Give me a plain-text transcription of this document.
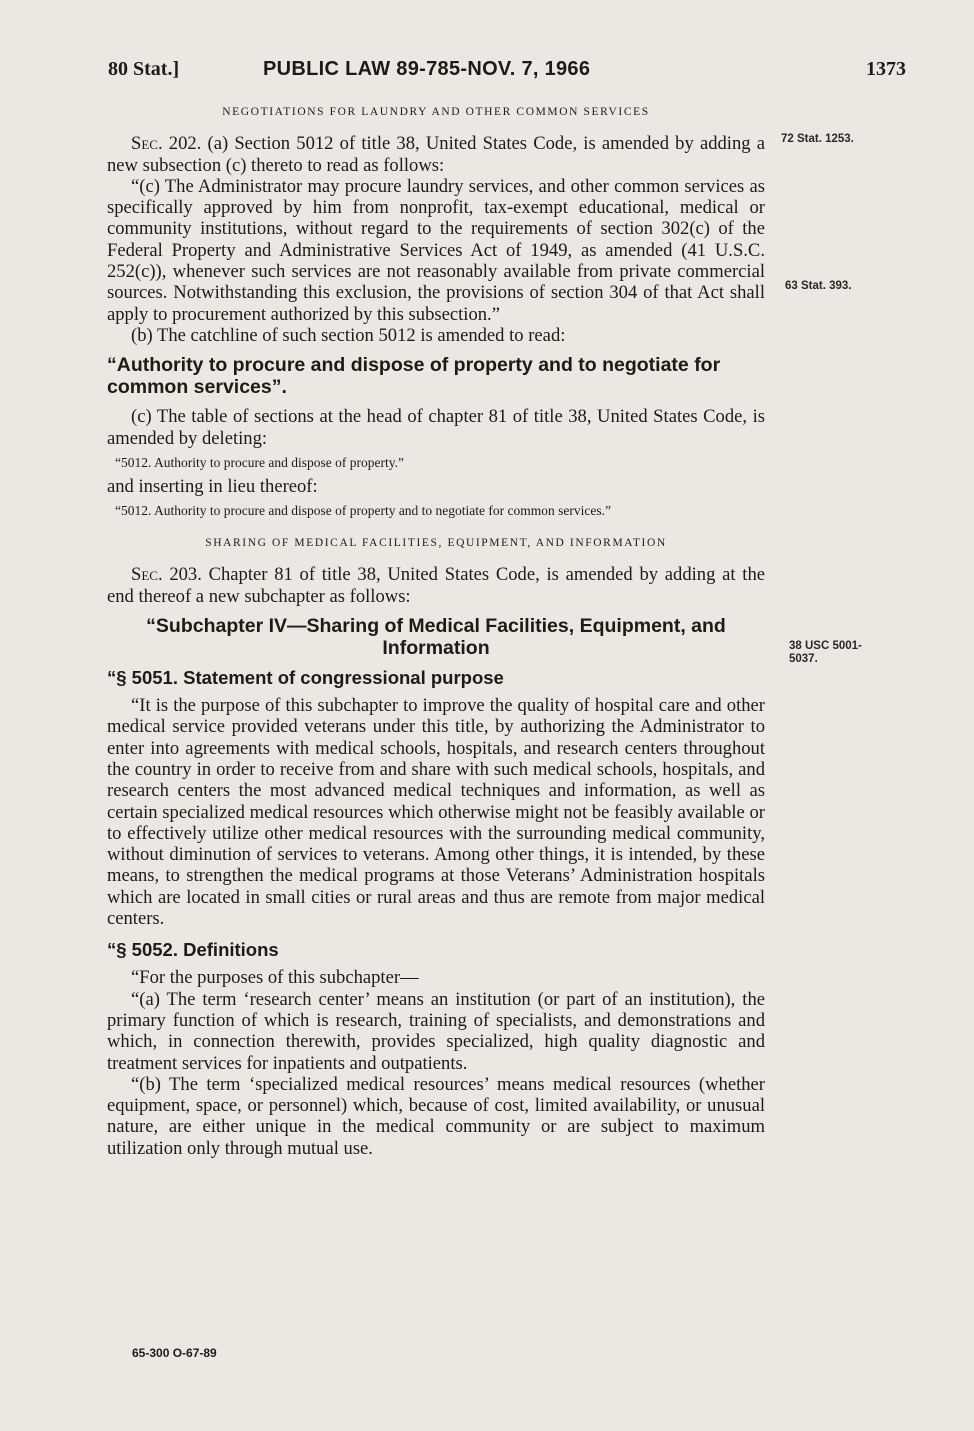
80 Stat.]	PUBLIC LAW 89-785-NOV. 7, 1966	1373
NEGOTIATIONS FOR LAUNDRY AND OTHER COMMON SERVICES

Sec. 202. (a) Section 5012 of title 38, United States Code, is amended by adding a new subsection (c) thereto to read as follows:

“(c) The Administrator may procure laundry services, and other common services as specifically approved by him from nonprofit, tax-exempt educational, medical or community institutions, without regard to the requirements of section 302(c) of the Federal Property and Administrative Services Act of 1949, as amended (41 U.S.C. 252(c)), whenever such services are not reasonably available from private commercial sources. Notwithstanding this exclusion, the provisions of section 304 of that Act shall apply to procurement authorized by this subsection.”

(b) The catchline of such section 5012 is amended to read:

“Authority to procure and dispose of property and to negotiate for common services”.

(c) The table of sections at the head of chapter 81 of title 38, United States Code, is amended by deleting:

“5012. Authority to procure and dispose of property.”

and inserting in lieu thereof:

“5012. Authority to procure and dispose of property and to negotiate for common services.”
SHARING OF MEDICAL FACILITIES, EQUIPMENT, AND INFORMATION

Sec. 203. Chapter 81 of title 38, United States Code, is amended by adding at the end thereof a new subchapter as follows:

“Subchapter IV—Sharing of Medical Facilities, Equipment, and Information
“§ 5051. Statement of congressional purpose

“It is the purpose of this subchapter to improve the quality of hospital care and other medical service provided veterans under this title, by authorizing the Administrator to enter into agreements with medical schools, hospitals, and research centers throughout the country in order to receive from and share with such medical schools, hospitals, and research centers the most advanced medical techniques and information, as well as certain specialized medical resources which otherwise might not be feasibly available or to effectively utilize other medical resources with the surrounding medical community, without diminution of services to veterans. Among other things, it is intended, by these means, to strengthen the medical programs at those Veterans’ Administration hospitals which are located in small cities or rural areas and thus are remote from major medical centers.

“§ 5052. Definitions

“For the purposes of this subchapter—

“(a) The term ‘research center’ means an institution (or part of an institution), the primary function of which is research, training of specialists, and demonstrations and which, in connection therewith, provides specialized, high quality diagnostic and treatment services for inpatients and outpatients.

“(b) The term ‘specialized medical resources’ means medical resources (whether equipment, space, or personnel) which, because of cost, limited availability, or unusual nature, are either unique in the medical community or are subject to maximum utilization only through mutual use.

72 Stat. 1253.
63 Stat. 393.
38 USC 5001-
5037.
65-300 O-67-89
